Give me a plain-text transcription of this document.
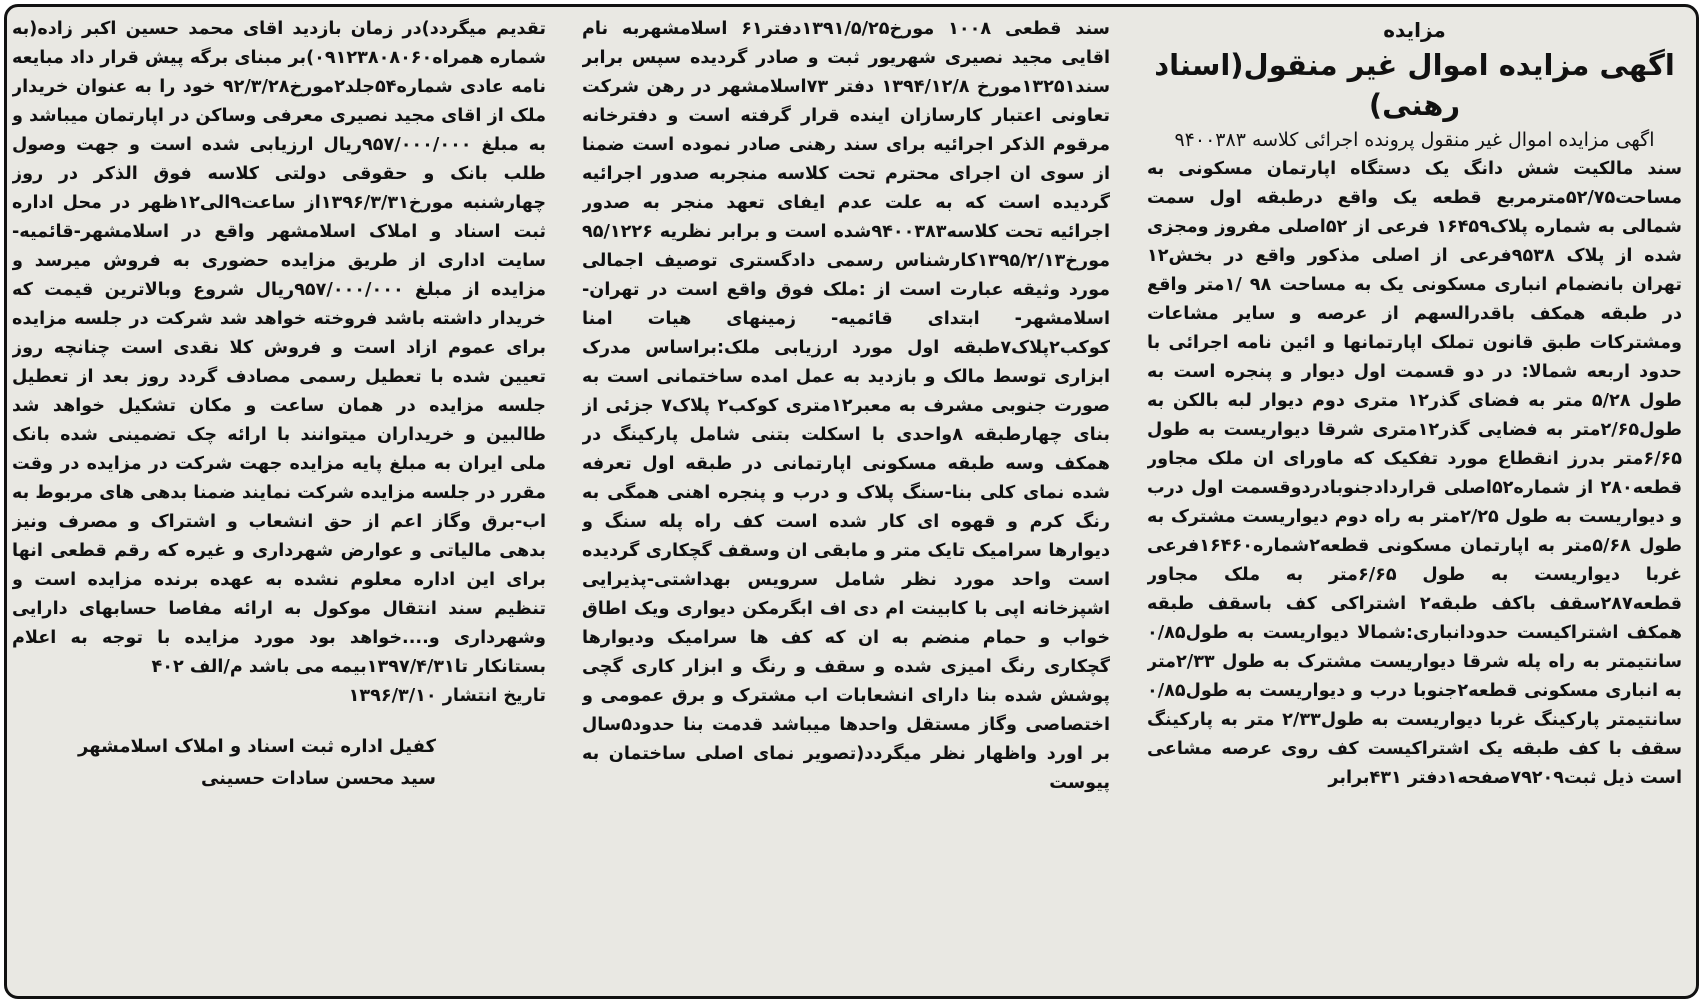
مزایده
اگهی مزایده اموال غیر منقول(اسناد رهنی)
اگهی مزایده اموال غیر منقول پرونده اجرائی کلاسه ۹۴۰۰۳۸۳

سند مالکیت شش دانگ یک دستگاه اپارتمان مسکونی به مساحت۵۲/۷۵مترمربع قطعه یک واقع درطبقه اول سمت شمالی به شماره پلاک۱۶۴۵۹ فرعی از ۵۲اصلی مفروز ومجزی شده از پلاک ۹۵۳۸فرعی از اصلی مذکور واقع در بخش۱۲ تهران بانضمام انباری مسکونی یک به مساحت ۹۸ /۱متر واقع در طبقه همکف باقدرالسهم از عرصه و سایر مشاعات ومشترکات طبق قانون تملک اپارتمانها و ائین نامه اجرائی با حدود اربعه شمالا: در دو قسمت اول دیوار و پنجره است به طول ۵/۲۸ متر به فضای گذر۱۲ متری دوم دیوار لبه بالکن به طول۲/۶۵متر به فضایی گذر۱۲متری شرقا دیواریست به طول ۶/۶۵متر بدرز انقطاع مورد تفکیک که ماورای ان ملک مجاور قطعه۲۸۰ از شماره۵۲اصلی قراردادجنوبادردوقسمت اول درب و دیواریست به طول ۲/۲۵متر به راه دوم دیواریست مشترک به طول ۵/۶۸متر به اپارتمان مسکونی قطعه۲شماره۱۶۴۶۰فرعی غربا دیواریست به طول ۶/۶۵متر به ملک مجاور قطعه۲۸۷سقف باکف طبقه۲ اشتراکی کف باسقف طبقه همکف اشتراکیست حدودانباری:شمالا دیواریست به طول۰/۸۵ سانتیمتر به راه پله شرقا دیواریست مشترک به طول ۲/۳۳متر به انباری مسکونی قطعه۲جنوبا درب و دیواریست به طول۰/۸۵ سانتیمتر پارکینگ غربا دیواریست به طول۲/۳۳ متر به پارکینگ سقف با کف طبقه یک اشتراکیست کف روی عرصه مشاعی است ذیل ثبت۷۹۲۰۹صفحه۱دفتر ۴۳۱برابر

سند قطعی ۱۰۰۸ مورخ۱۳۹۱/۵/۲۵دفتر۶۱ اسلامشهربه نام اقایی مجید نصیری شهریور ثبت و صادر گردیده سپس برابر سند۱۳۲۵۱مورخ ۱۳۹۴/۱۲/۸ دفتر ۷۳اسلامشهر در رهن شرکت تعاونی اعتبار کارسازان اینده قرار گرفته است و دفترخانه مرقوم الذکر اجرائیه برای سند رهنی صادر نموده است ضمنا از سوی ان اجرای محترم تحت کلاسه منجربه صدور اجرائیه گردیده است که به علت عدم ایفای تعهد منجر به صدور اجرائیه تحت کلاسه۹۴۰۰۳۸۳شده است و برابر نظریه ۹۵/۱۲۲۶ مورخ۱۳۹۵/۲/۱۳کارشناس رسمی دادگستری توصیف اجمالی مورد وثیقه عبارت است از :ملک فوق واقع است در تهران- اسلامشهر- ابتدای قائمیه- زمینهای هیات امنا کوکب۲پلاک۷طبقه اول مورد ارزیابی ملک:براساس مدرک ابزاری توسط مالک و بازدید به عمل امده ساختمانی است به صورت جنوبی مشرف به معبر۱۲متری کوکب۲ پلاک۷ جزئی از بنای چهارطبقه ۸واحدی با اسکلت بتنی شامل پارکینگ در همکف وسه طبقه مسکونی اپارتمانی در طبقه اول تعرفه شده نمای کلی بنا-سنگ پلاک و درب و پنجره اهنی همگی به رنگ کرم و قهوه ای کار شده است کف راه پله سنگ و دیوارها سرامیک تایک متر و مابقی ان وسقف گچکاری گردیده است واحد مورد نظر شامل سرویس بهداشتی-پذیرایی اشپزخانه اپی با کابینت ام دی اف ابگرمکن دیواری ویک اطاق خواب و حمام منضم به ان که کف ها سرامیک ودیوارها گچکاری رنگ امیزی شده و سقف و رنگ و ابزار کاری گچی پوشش شده بنا دارای انشعابات اب مشترک و برق عمومی و اختصاصی وگاز مستقل واحدها میباشد قدمت بنا حدود۵سال بر اورد واظهار نظر میگردد(تصویر نمای اصلی ساختمان به پیوست

تقدیم میگردد)در زمان بازدید اقای محمد حسین اکبر زاده(به شماره همراه۰۹۱۲۳۸۰۸۰۶۰)بر مبنای برگه پیش قرار داد مبایعه نامه عادی شماره۵۴جلد۲مورخ۹۲/۳/۲۸ خود را به عنوان خریدار ملک از اقای مجید نصیری معرفی وساکن در اپارتمان میباشد و به مبلغ ۹۵۷/۰۰۰/۰۰۰ریال ارزیابی شده است و جهت وصول طلب بانک و حقوقی دولتی کلاسه فوق الذکر در روز چهارشنبه مورخ۱۳۹۶/۳/۳۱از ساعت۹الی۱۲ظهر در محل اداره ثبت اسناد و املاک اسلامشهر واقع در اسلامشهر-قائمیه-سایت اداری از طریق مزایده حضوری به فروش میرسد و مزایده از مبلغ ۹۵۷/۰۰۰/۰۰۰ریال شروع وبالاترین قیمت که خریدار داشته باشد فروخته خواهد شد شرکت در جلسه مزایده برای عموم ازاد است و فروش کلا نقدی است چنانچه روز تعیین شده با تعطیل رسمی مصادف گردد روز بعد از تعطیل جلسه مزایده در همان ساعت و مکان تشکیل خواهد شد طالبین و خریداران میتوانند با ارائه چک تضمینی شده بانک ملی ایران به مبلغ پایه مزایده جهت شرکت در مزایده در وقت مقرر در جلسه مزایده شرکت نمایند ضمنا بدهی های مربوط به اب-برق وگاز اعم از حق انشعاب و اشتراک و مصرف ونیز بدهی مالیاتی و عوارض شهرداری و غیره که رقم قطعی انها برای این اداره معلوم نشده به عهده برنده مزایده است و تنظیم سند انتقال موکول به ارائه مفاصا حسابهای دارایی وشهرداری و....خواهد بود مورد مزایده با توجه به اعلام بستانکار تا۱۳۹۷/۴/۳۱بیمه می باشد م/الف ۴۰۲

تاریخ انتشار ۱۳۹۶/۳/۱۰
کفیل اداره ثبت اسناد و املاک اسلامشهر
سید محسن سادات حسینی
